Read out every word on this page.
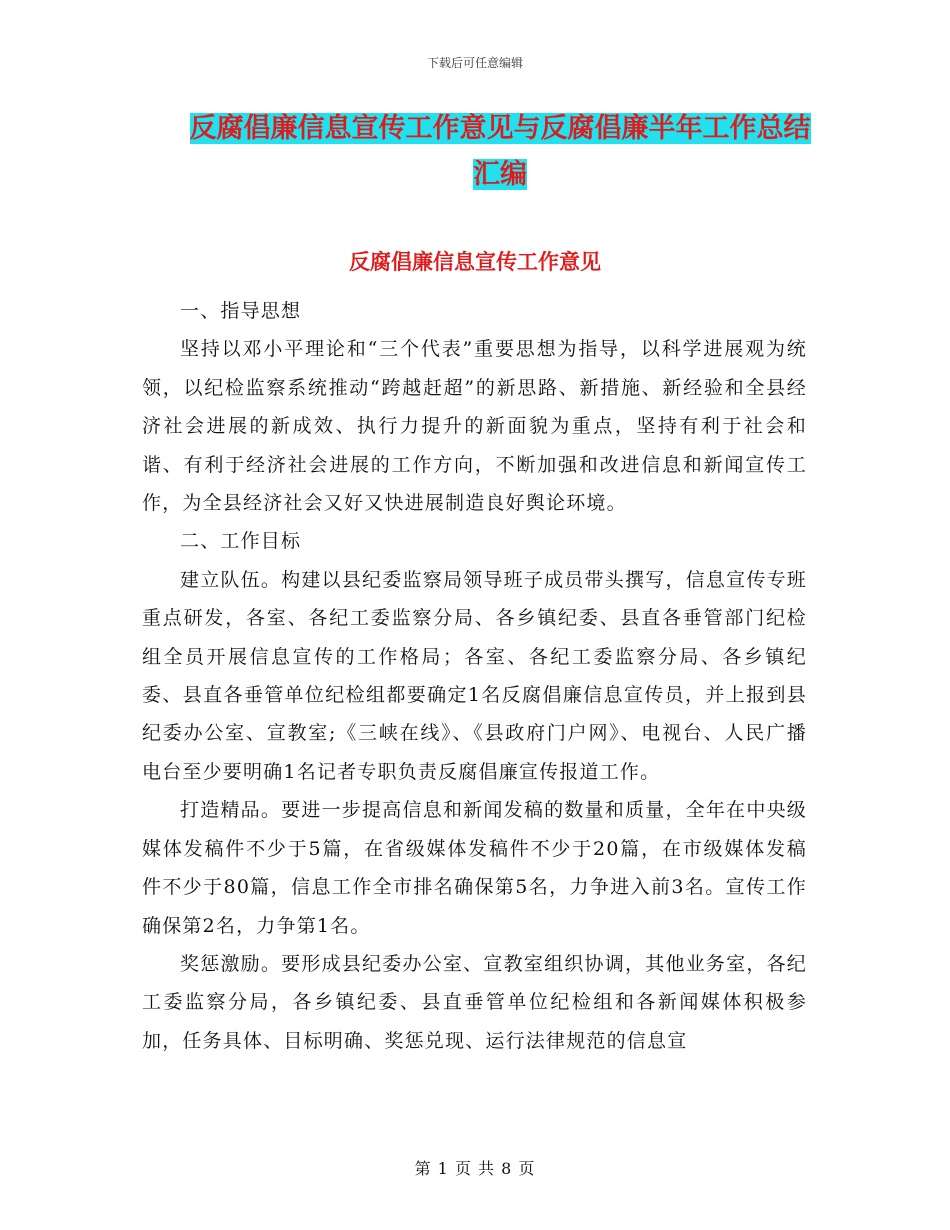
下载后可任意编辑
反腐倡廉信息宣传工作意见与反腐倡廉半年工作总结
汇编
反腐倡廉信息宣传工作意见

一、指导思想

坚持以邓小平理论和“三个代表”重要思想为指导，以科学进展观为统领，以纪检监察系统推动“跨越赶超”的新思路、新措施、新经验和全县经济社会进展的新成效、执行力提升的新面貌为重点，坚持有利于社会和谐、有利于经济社会进展的工作方向，不断加强和改进信息和新闻宣传工作，为全县经济社会又好又快进展制造良好舆论环境。

二、工作目标

建立队伍。构建以县纪委监察局领导班子成员带头撰写，信息宣传专班重点研发，各室、各纪工委监察分局、各乡镇纪委、县直各垂管部门纪检组全员开展信息宣传的工作格局；各室、各纪工委监察分局、各乡镇纪委、县直各垂管单位纪检组都要确定1名反腐倡廉信息宣传员，并上报到县纪委办公室、宣教室;《三峡在线》、《县政府门户网》、电视台、人民广播电台至少要明确1名记者专职负责反腐倡廉宣传报道工作。

打造精品。要进一步提高信息和新闻发稿的数量和质量，全年在中央级媒体发稿件不少于5篇，在省级媒体发稿件不少于20篇，在市级媒体发稿件不少于80篇，信息工作全市排名确保第5名，力争进入前3名。宣传工作确保第2名，力争第1名。

奖惩激励。要形成县纪委办公室、宣教室组织协调，其他业务室，各纪工委监察分局，各乡镇纪委、县直垂管单位纪检组和各新闻媒体积极参加，任务具体、目标明确、奖惩兑现、运行法律规范的信息宣

第 1 页 共 8 页
